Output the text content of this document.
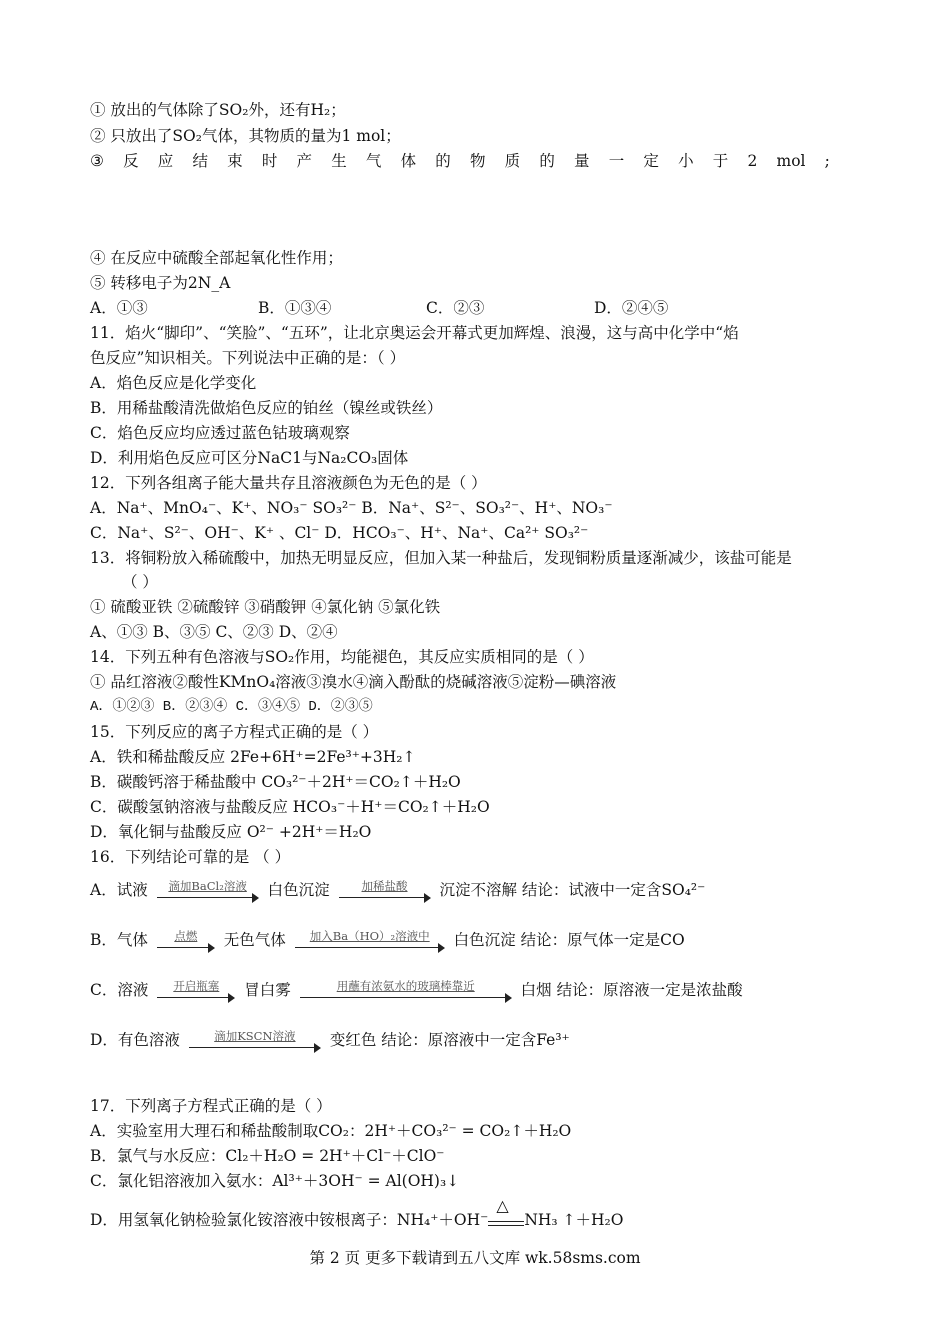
① 放出的气体除了SO₂外，还有H₂；
② 只放出了SO₂气体，其物质的量为1 mol；
③ 反 应 结 束 时 产 生 气 体 的 物 质 的 量 一 定 小 于 2 mol ;
④ 在反应中硫酸全部起氧化性作用；
⑤ 转移电子为2N_A
A．①③	B．①③④	C．②③	D．②④⑤
11．焰火“脚印”、“笑脸”、“五环”，让北京奥运会开幕式更加辉煌、浪漫，这与高中化学中“焰
色反应”知识相关。下列说法中正确的是：（ ）
A．焰色反应是化学变化
B．用稀盐酸清洗做焰色反应的铂丝（镍丝或铁丝）
C．焰色反应均应透过蓝色钴玻璃观察
D．利用焰色反应可区分NaC1与Na₂CO₃固体
12．下列各组离子能大量共存且溶液颜色为无色的是（ ）
A．Na⁺、MnO₄⁻、K⁺、NO₃⁻ SO₃²⁻ B．Na⁺、S²⁻、SO₃²⁻、H⁺、NO₃⁻
C．Na⁺、S²⁻、OH⁻、K⁺ 、Cl⁻ D．HCO₃⁻、H⁺、Na⁺、Ca²⁺ SO₃²⁻
13．将铜粉放入稀硫酸中，加热无明显反应，但加入某一种盐后，发现铜粉质量逐渐减少，该盐可能是
（ ）
① 硫酸亚铁 ②硫酸锌 ③硝酸钾 ④氯化钠 ⑤氯化铁
A、①③ B、③⑤ C、②③ D、②④
14．下列五种有色溶液与SO₂作用，均能褪色，其反应实质相同的是（ ）
① 品红溶液②酸性KMnO₄溶液③溴水④滴入酚酞的烧碱溶液⑤淀粉—碘溶液
A．①②③ B．②③④ C．③④⑤ D．②③⑤
15．下列反应的离子方程式正确的是（ ）
A．铁和稀盐酸反应 2Fe+6H⁺=2Fe³⁺+3H₂↑
B．碳酸钙溶于稀盐酸中 CO₃²⁻＋2H⁺＝CO₂↑＋H₂O
C．碳酸氢钠溶液与盐酸反应 HCO₃⁻＋H⁺＝CO₂↑＋H₂O
D．氧化铜与盐酸反应 O²⁻ +2H⁺＝H₂O
16．下列结论可靠的是 （ ）
A．试液	滴加BaCl₂溶液	白色沉淀	加稀盐酸	沉淀不溶解 结论：试液中一定含SO₄²⁻
B．气体	点燃	无色气体	加入Ba（HO）₂溶液中	白色沉淀 结论：原气体一定是CO
C．溶液	开启瓶塞	冒白雾	用蘸有浓氨水的玻璃棒靠近	白烟 结论：原溶液一定是浓盐酸
D．有色溶液	滴加KSCN溶液	变红色 结论：原溶液中一定含Fe³⁺
17．下列离子方程式正确的是（ ）
A．实验室用大理石和稀盐酸制取CO₂：2H⁺＋CO₃²⁻ = CO₂↑＋H₂O
B．氯气与水反应：Cl₂＋H₂O = 2H⁺＋Cl⁻＋ClO⁻
C．氯化铝溶液加入氨水：Al³⁺＋3OH⁻ = Al(OH)₃↓
D．用氢氧化钠检验氯化铵溶液中铵根离子：NH₄⁺＋OH⁻
△
NH₃ ↑＋H₂O
第 2 页 更多下载请到五八文库 wk.58sms.com
